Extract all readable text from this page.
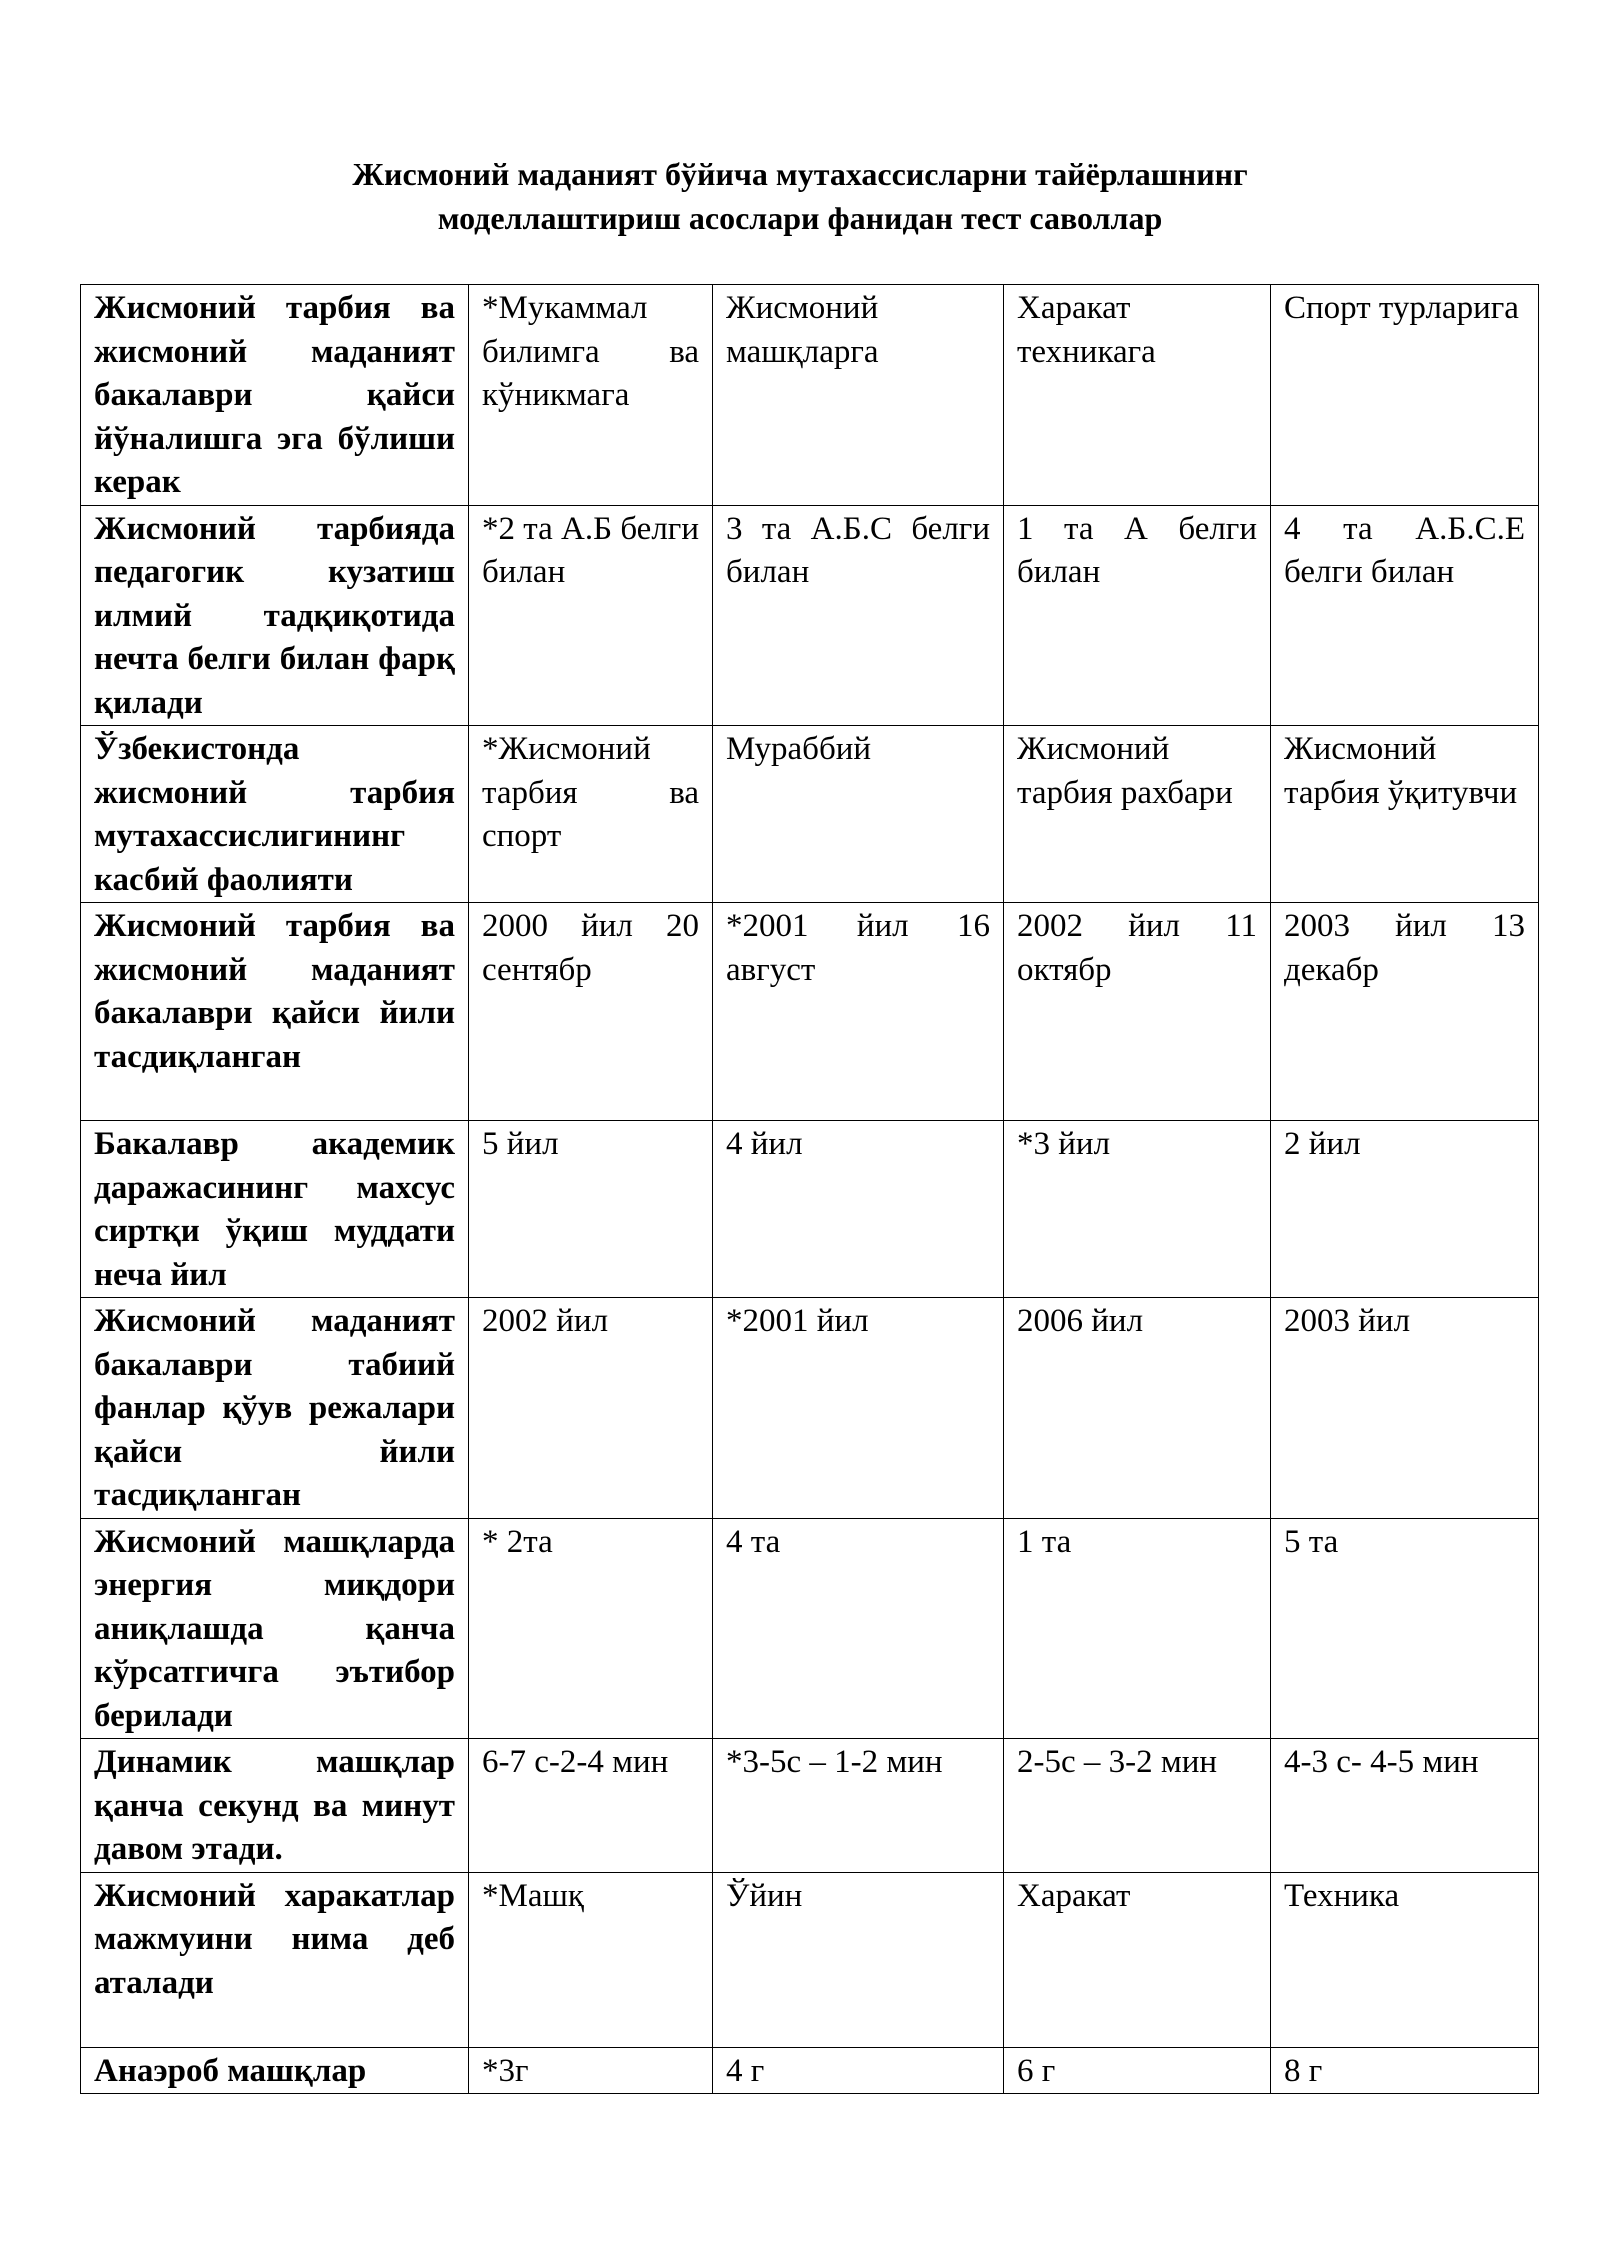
Жисмоний маданият бўйича мутахассисларни тайёрлашнинг
моделлаштириш асослари фанидан тест саволлар
Жисмоний тарбия ва жисмоний маданият бакалаври қайси йўналишга эга бўлиши керак	*Mукаммал билимга ва кўникмага	Жисмоний машқларга	Харакат техникага	Спорт турларига
Жисмоний тарбияда педагогик кузатиш илмий тадқиқотида нечта белги билан фарқ қилади	*2 та А.Б белги билан	3 та А.Б.С белги билан	1 та А белги билан	4 та А.Б.С.Е белги билан
Ўзбекистонда жисмоний тарбия мутахассислигининг касбий фаолияти	*Жисмоний тарбия ва спорт	Мураббий	Жисмоний тарбия рахбари	Жисмоний тарбия ўқитувчи
Жисмоний тарбия ва жисмоний маданият бакалаври қайси йили тасдиқланган	2000 йил 20 сентябр	*2001 йил 16 август	2002 йил 11 октябр	2003 йил 13 декабр
Бакалавр академик даражасининг махсус сиртқи ўқиш муддати неча йил	5 йил	4 йил	*3 йил	2 йил
Жисмоний маданият бакалаври табиий фанлар қўув режалари қайси йили тасдиқланган	2002 йил	*2001 йил	2006 йил	2003 йил
Жисмоний машқларда энергия миқдори аниқлашда қанча кўрсатгичга эътибор берилади	* 2та	4 та	1 та	5 та
Динамик машқлар қанча секунд ва минут давом этади.	6-7 с-2-4 мин	*3-5с – 1-2 мин	2-5с – 3-2 мин	4-3 с- 4-5 мин
Жисмоний харакатлар мажмуини нима деб аталади	*Машқ	Ўйин	Харакат	Техника
Анаэроб машқлар	*3г	4 г	6 г	8 г
